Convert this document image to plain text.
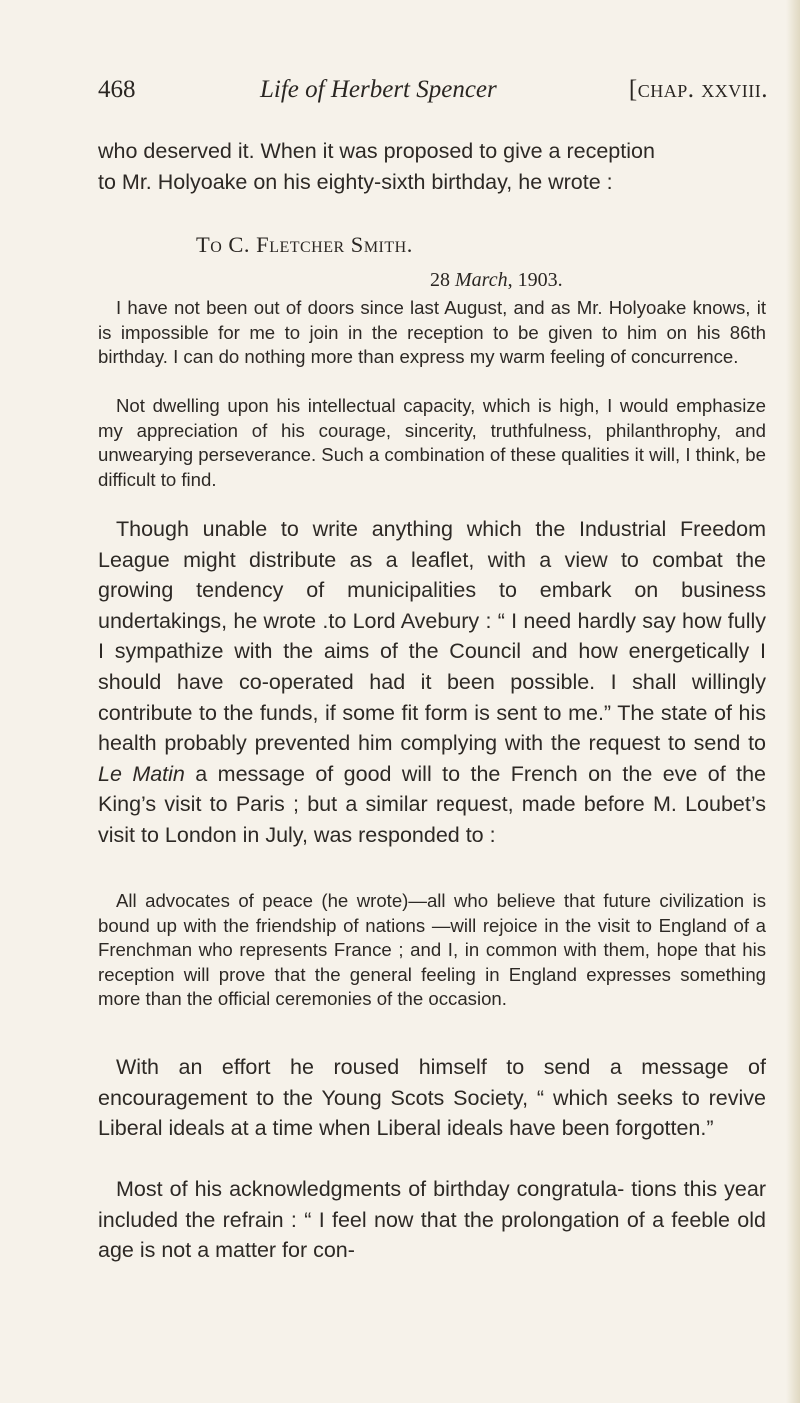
468	Life of Herbert Spencer	[chap. xxviii.

who deserved it. When it was proposed to give a reception
to Mr. Holyoake on his eighty-sixth birthday, he wrote :

To C. Fletcher Smith.

28 March, 1903.

I have not been out of doors since last August, and as Mr. Holyoake knows, it is impossible for me to join in the reception to be given to him on his 86th birthday. I can do nothing more than express my warm feeling of concurrence.

Not dwelling upon his intellectual capacity, which is high, I would emphasize my appreciation of his courage, sincerity, truthfulness, philanthrophy, and unwearying perseverance. Such a combination of these qualities it will, I think, be difficult to find.

Though unable to write anything which the Industrial Freedom League might distribute as a leaflet, with a view to combat the growing tendency of municipalities to embark on business undertakings, he wrote .to Lord Avebury : “ I need hardly say how fully I sympathize with the aims of the Council and how energetically I should have co-operated had it been possible. I shall willingly contribute to the funds, if some fit form is sent to me.” The state of his health probably prevented him complying with the request to send to Le Matin a message of good will to the French on the eve of the King’s visit to Paris ; but a similar request, made before M. Loubet’s visit to London in July, was responded to :

All advocates of peace (he wrote)—all who believe that future civilization is bound up with the friendship of nations —will rejoice in the visit to England of a Frenchman who represents France ; and I, in common with them, hope that his reception will prove that the general feeling in England expresses something more than the official ceremonies of the occasion.

With an effort he roused himself to send a message of encouragement to the Young Scots Society, “ which seeks to revive Liberal ideals at a time when Liberal ideals have been forgotten.”

Most of his acknowledgments of birthday congratula- tions this year included the refrain : “ I feel now that the prolongation of a feeble old age is not a matter for con-
